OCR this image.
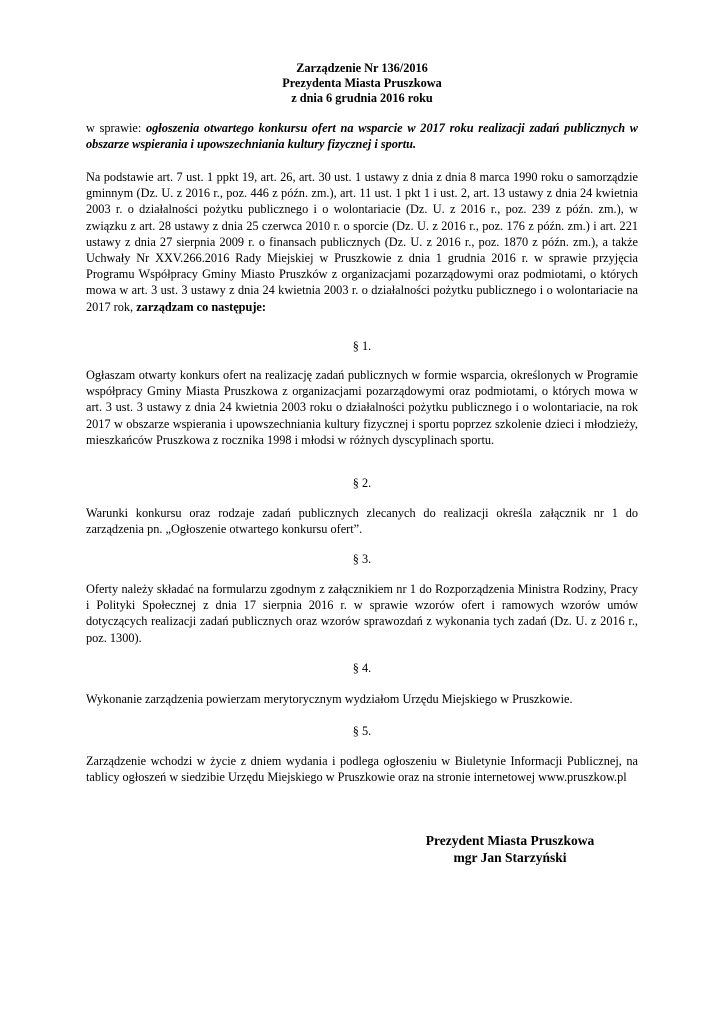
Zarządzenie Nr 136/2016
Prezydenta Miasta Pruszkowa
z dnia 6 grudnia 2016 roku
w sprawie: ogłoszenia otwartego konkursu ofert na wsparcie w 2017 roku realizacji zadań publicznych w obszarze wspierania i upowszechniania kultury fizycznej i sportu.
Na podstawie art. 7 ust. 1 ppkt 19, art. 26, art. 30 ust. 1 ustawy z dnia z dnia 8 marca 1990 roku o samorządzie gminnym (Dz. U. z 2016 r., poz. 446 z późn. zm.), art. 11 ust. 1 pkt 1 i ust. 2, art. 13 ustawy z dnia 24 kwietnia 2003 r. o działalności pożytku publicznego i o wolontariacie (Dz. U. z 2016 r., poz. 239 z późn. zm.), w związku z art. 28 ustawy z dnia 25 czerwca 2010 r. o sporcie (Dz. U. z 2016 r., poz. 176 z późn. zm.) i art. 221 ustawy z dnia 27 sierpnia 2009 r. o finansach publicznych (Dz. U. z 2016 r., poz. 1870 z późn. zm.), a także Uchwały Nr XXV.266.2016 Rady Miejskiej w Pruszkowie z dnia 1 grudnia 2016 r. w sprawie przyjęcia Programu Współpracy Gminy Miasto Pruszków z organizacjami pozarządowymi oraz podmiotami, o których mowa w art. 3 ust. 3 ustawy z dnia 24 kwietnia 2003 r. o działalności pożytku publicznego i o wolontariacie na 2017 rok, zarządzam co następuje:
§ 1.
Ogłaszam otwarty konkurs ofert na realizację zadań publicznych w formie wsparcia, określonych w Programie współpracy Gminy Miasta Pruszkowa z organizacjami pozarządowymi oraz podmiotami, o których mowa w art. 3 ust. 3 ustawy z dnia 24 kwietnia 2003 roku o działalności pożytku publicznego i o wolontariacie, na rok 2017 w obszarze wspierania i upowszechniania kultury fizycznej i sportu poprzez szkolenie dzieci i młodzieży, mieszkańców Pruszkowa z rocznika 1998 i młodsi w różnych dyscyplinach sportu.
§ 2.
Warunki konkursu oraz rodzaje zadań publicznych zlecanych do realizacji określa załącznik nr 1 do zarządzenia pn. „Ogłoszenie otwartego konkursu ofert”.
§ 3.
Oferty należy składać na formularzu zgodnym z załącznikiem nr 1 do Rozporządzenia Ministra Rodziny, Pracy i Polityki Społecznej z dnia 17 sierpnia 2016 r. w sprawie wzorów ofert i ramowych wzorów umów dotyczących realizacji zadań publicznych oraz wzorów sprawozdań z wykonania tych zadań (Dz. U. z 2016 r., poz. 1300).
§ 4.
Wykonanie zarządzenia powierzam merytorycznym wydziałom Urzędu Miejskiego w Pruszkowie.
§ 5.
Zarządzenie wchodzi w życie z dniem wydania i podlega ogłoszeniu w Biuletynie Informacji Publicznej, na tablicy ogłoszeń w siedzibie Urzędu Miejskiego w Pruszkowie oraz na stronie internetowej www.pruszkow.pl
Prezydent Miasta Pruszkowa
mgr Jan Starzyński
